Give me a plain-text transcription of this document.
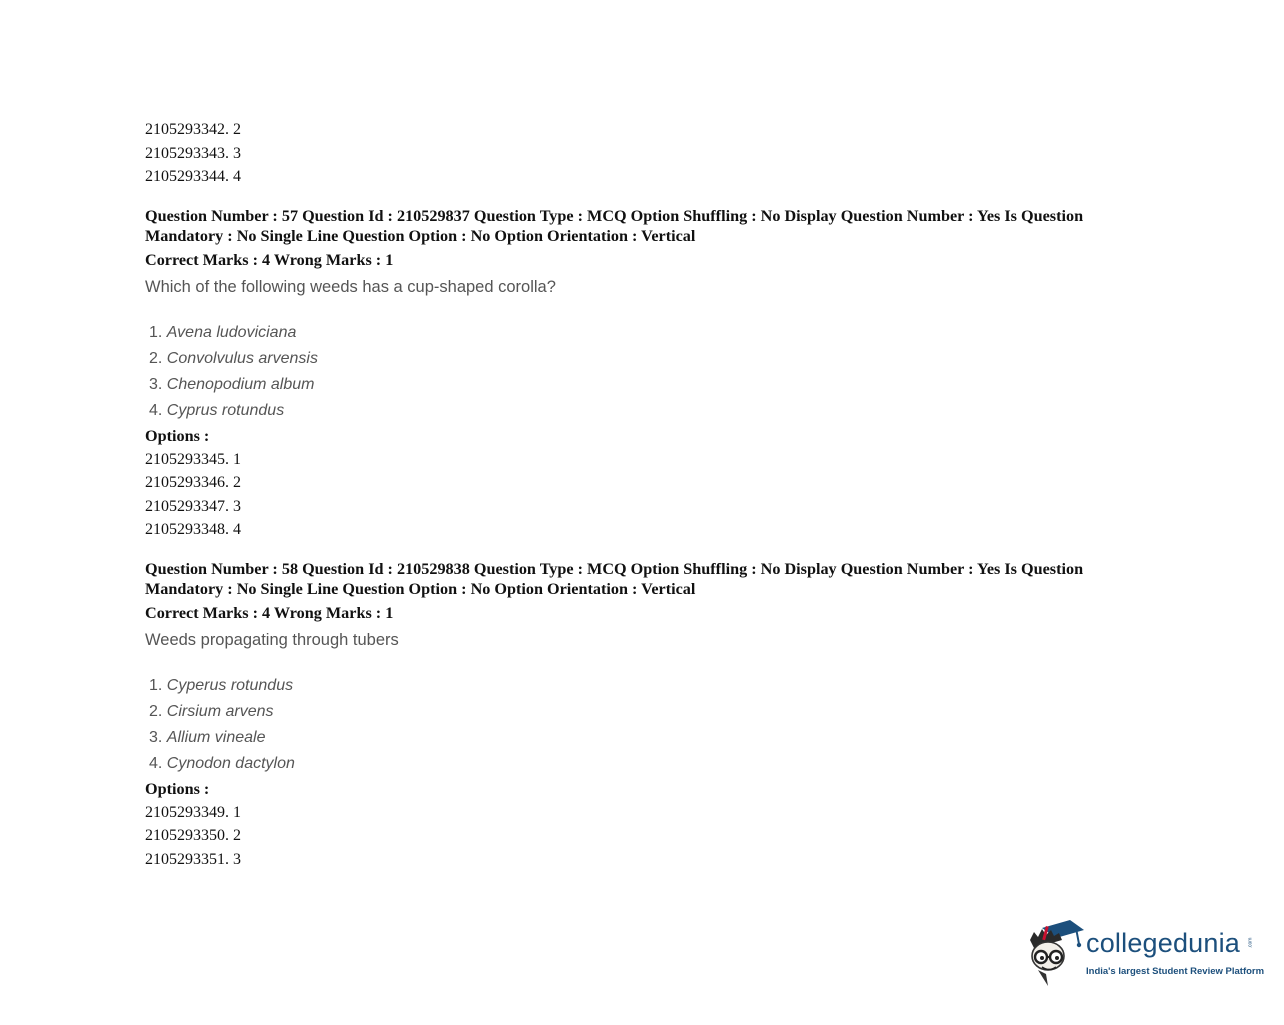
2105293342. 2
2105293343. 3
2105293344. 4
Question Number : 57 Question Id : 210529837 Question Type : MCQ Option Shuffling : No Display Question Number : Yes Is Question
Mandatory : No Single Line Question Option : No Option Orientation : Vertical
Correct Marks : 4 Wrong Marks : 1
Which of the following weeds has a cup-shaped corolla?
1. Avena ludoviciana
2. Convolvulus arvensis
3. Chenopodium album
4. Cyprus rotundus
Options :
2105293345. 1
2105293346. 2
2105293347. 3
2105293348. 4
Question Number : 58 Question Id : 210529838 Question Type : MCQ Option Shuffling : No Display Question Number : Yes Is Question
Mandatory : No Single Line Question Option : No Option Orientation : Vertical
Correct Marks : 4 Wrong Marks : 1
Weeds propagating through tubers
1. Cyperus rotundus
2. Cirsium arvens
3. Allium vineale
4. Cynodon dactylon
Options :
2105293349. 1
2105293350. 2
2105293351. 3
collegedunia .com
India's largest Student Review Platform
